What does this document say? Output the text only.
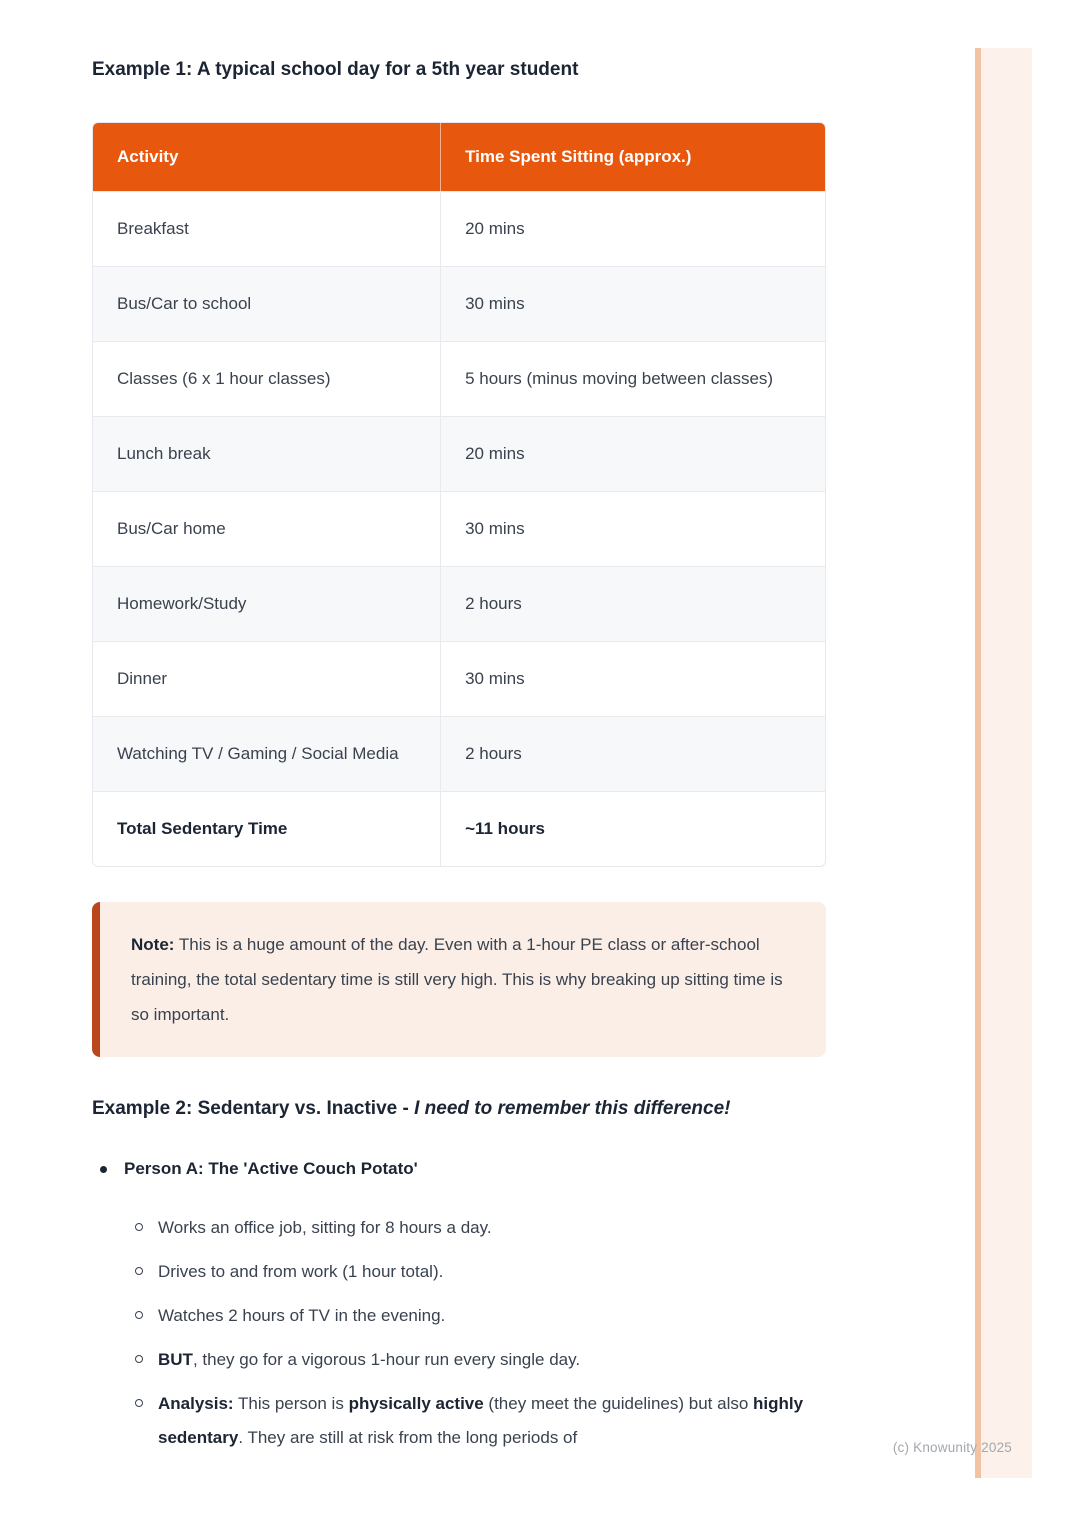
Example 1: A typical school day for a 5th year student
Activity	Time Spent Sitting (approx.)
Breakfast	20 mins
Bus/Car to school	30 mins
Classes (6 x 1 hour classes)	5 hours (minus moving between classes)
Lunch break	20 mins
Bus/Car home	30 mins
Homework/Study	2 hours
Dinner	30 mins
Watching TV / Gaming / Social Media	2 hours
Total Sedentary Time	~11 hours
Note: This is a huge amount of the day. Even with a 1-hour PE class or after-school training, the total sedentary time is still very high. This is why breaking up sitting time is so important.
Example 2: Sedentary vs. Inactive - I need to remember this difference!
Person A: The 'Active Couch Potato'
Works an office job, sitting for 8 hours a day.
Drives to and from work (1 hour total).
Watches 2 hours of TV in the evening.
BUT, they go for a vigorous 1-hour run every single day.
Analysis: This person is physically active (they meet the guidelines) but also highly sedentary. They are still at risk from the long periods of
(c) Knowunity 2025
